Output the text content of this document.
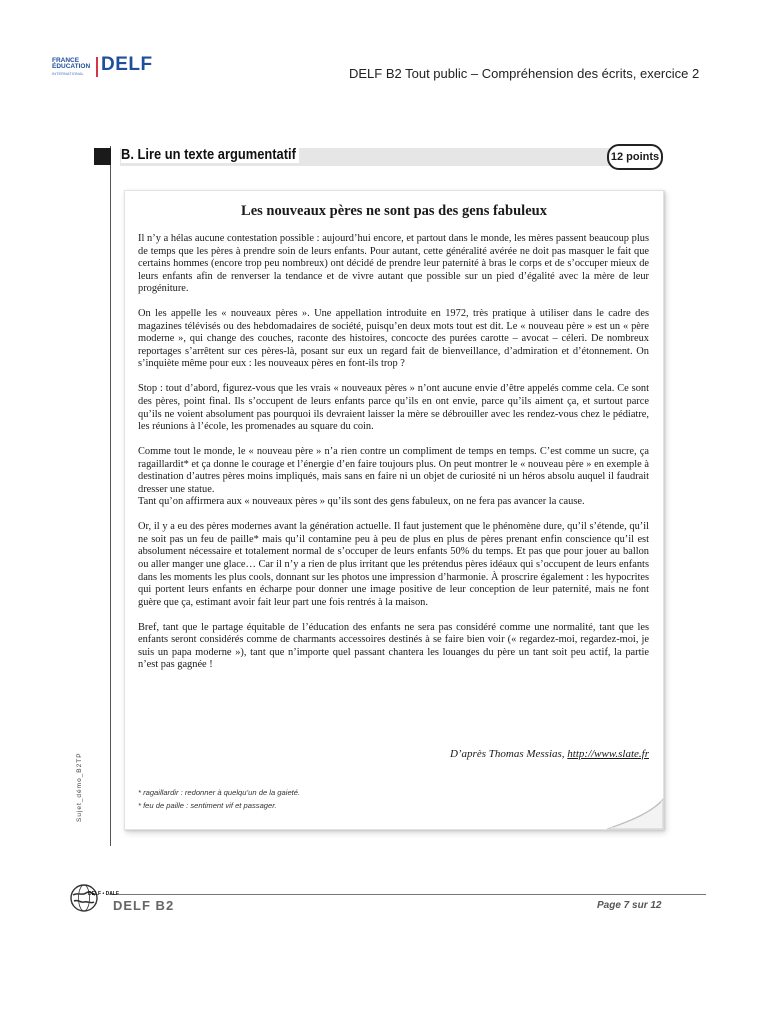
FRANCE
ÉDUCATION
INTERNATIONAL DELF	DELF B2 Tout public – Compréhension des écrits, exercice 2
B. Lire un texte argumentatif	12 points
Les nouveaux pères ne sont pas des gens fabuleux

Il n’y a hélas aucune contestation possible : aujourd’hui encore, et partout dans le monde, les mères passent beaucoup plus de temps que les pères à prendre soin de leurs enfants. Pour autant, cette généralité avérée ne doit pas masquer le fait que certains hommes (encore trop peu nombreux) ont décidé de prendre leur paternité à bras le corps et de s’occuper mieux de leurs enfants afin de renverser la tendance et de vivre autant que possible sur un pied d’égalité avec la mère de leur progéniture.

On les appelle les « nouveaux pères ». Une appellation introduite en 1972, très pratique à utiliser dans le cadre des magazines télévisés ou des hebdomadaires de société, puisqu’en deux mots tout est dit. Le « nouveau père » est un « père moderne », qui change des couches, raconte des histoires, concocte des purées carotte – avocat – céleri. De nombreux reportages s’arrêtent sur ces pères-là, posant sur eux un regard fait de bienveillance, d’admiration et d’étonnement. On s’inquiète même pour eux : les nouveaux pères en font-ils trop ?

Stop : tout d’abord, figurez-vous que les vrais « nouveaux pères » n’ont aucune envie d’être appelés comme cela. Ce sont des pères, point final. Ils s’occupent de leurs enfants parce qu’ils en ont envie, parce qu’ils aiment ça, et surtout parce qu’ils ne voient absolument pas pourquoi ils devraient laisser la mère se débrouiller avec les rendez-vous chez le pédiatre, les réunions à l’école, les promenades au square du coin.

Comme tout le monde, le « nouveau père » n’a rien contre un compliment de temps en temps. C’est comme un sucre, ça ragaillardit* et ça donne le courage et l’énergie d’en faire toujours plus. On peut montrer le « nouveau père » en exemple à destination d’autres pères moins impliqués, mais sans en faire ni un objet de curiosité ni un héros absolu auquel il faudrait dresser une statue.

Tant qu’on affirmera aux « nouveaux pères » qu’ils sont des gens fabuleux, on ne fera pas avancer la cause.

Or, il y a eu des pères modernes avant la génération actuelle. Il faut justement que le phénomène dure, qu’il s’étende, qu’il ne soit pas un feu de paille* mais qu’il contamine peu à peu de plus en plus de pères prenant enfin conscience qu’il est absolument nécessaire et totalement normal de s’occuper de leurs enfants 50% du temps. Et pas que pour jouer au ballon ou aller manger une glace… Car il n’y a rien de plus irritant que les prétendus pères idéaux qui s’occupent de leurs enfants dans les moments les plus cools, donnant sur les photos une impression d’harmonie. À proscrire également : les hypocrites qui portent leurs enfants en écharpe pour donner une image positive de leur conception de leur paternité, mais ne font guère que ça, estimant avoir fait leur part une fois rentrés à la maison.

Bref, tant que le partage équitable de l’éducation des enfants ne sera pas considéré comme une normalité, tant que les enfants seront considérés comme de charmants accessoires destinés à se faire bien voir (« regardez-moi, regardez-moi, je suis un papa moderne »), tant que n’importe quel passant chantera les louanges du père un tant soit peu actif, la partie n’est pas gagnée !

D’après Thomas Messias, http://www.slate.fr
* ragaillardir : redonner à quelqu’un de la gaieté.
* feu de paille : sentiment vif et passager.
Sujet_démo_B2TP
DELF • DALF
DELF B2	Page 7 sur 12
